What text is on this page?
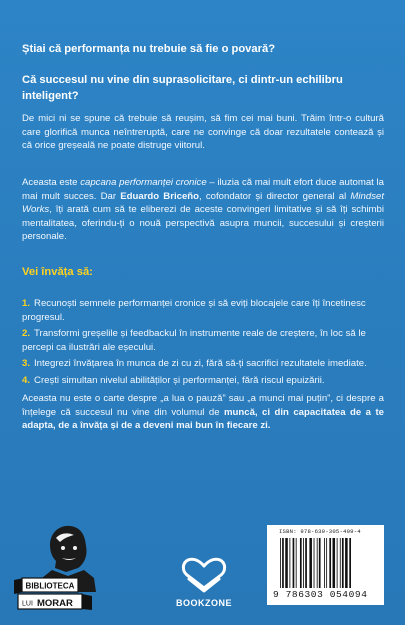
Știai că performanța nu trebuie să fie o povară?
Că succesul nu vine din suprasolicitare, ci dintr-un echilibru inteligent?
De mici ni se spune că trebuie să reușim, să fim cei mai buni. Trăim într-o cultură care glorifică munca neîntreruptă, care ne convinge că doar rezultatele contează și că orice greșeală ne poate distruge viitorul.
Aceasta este capcana performanței cronice – iluzia că mai mult efort duce automat la mai mult succes. Dar Eduardo Briceño, cofondator și director general al Mindset Works, îți arată cum să te eliberezi de aceste convingeri limitative și să îți schimbi mentalitatea, oferindu-ți o nouă perspectivă asupra muncii, succesului și creșterii personale.
Vei învăța să:
1. Recunoști semnele performanței cronice și să eviți blocajele care îți încetinesc progresul.
2. Transformi greșelile și feedbackul în instrumente reale de creștere, în loc să le percepi ca ilustrări ale eșecului.
3. Integrezi învățarea în munca de zi cu zi, fără să-ți sacrifici rezultatele imediate.
4. Crești simultan nivelul abilităților și performanței, fără riscul epuizării.
Aceasta nu este o carte despre „a lua o pauză” sau „a munci mai puțin”, ci despre a înțelege că succesul nu vine din volumul de muncă, ci din capacitatea de a te adapta, de a învăța și de a deveni mai bun în fiecare zi.
BIBLIOTECA
LUI MORAR	BOOKZONE
ISBN: 978-630-305-409-4
9 786303 054094
